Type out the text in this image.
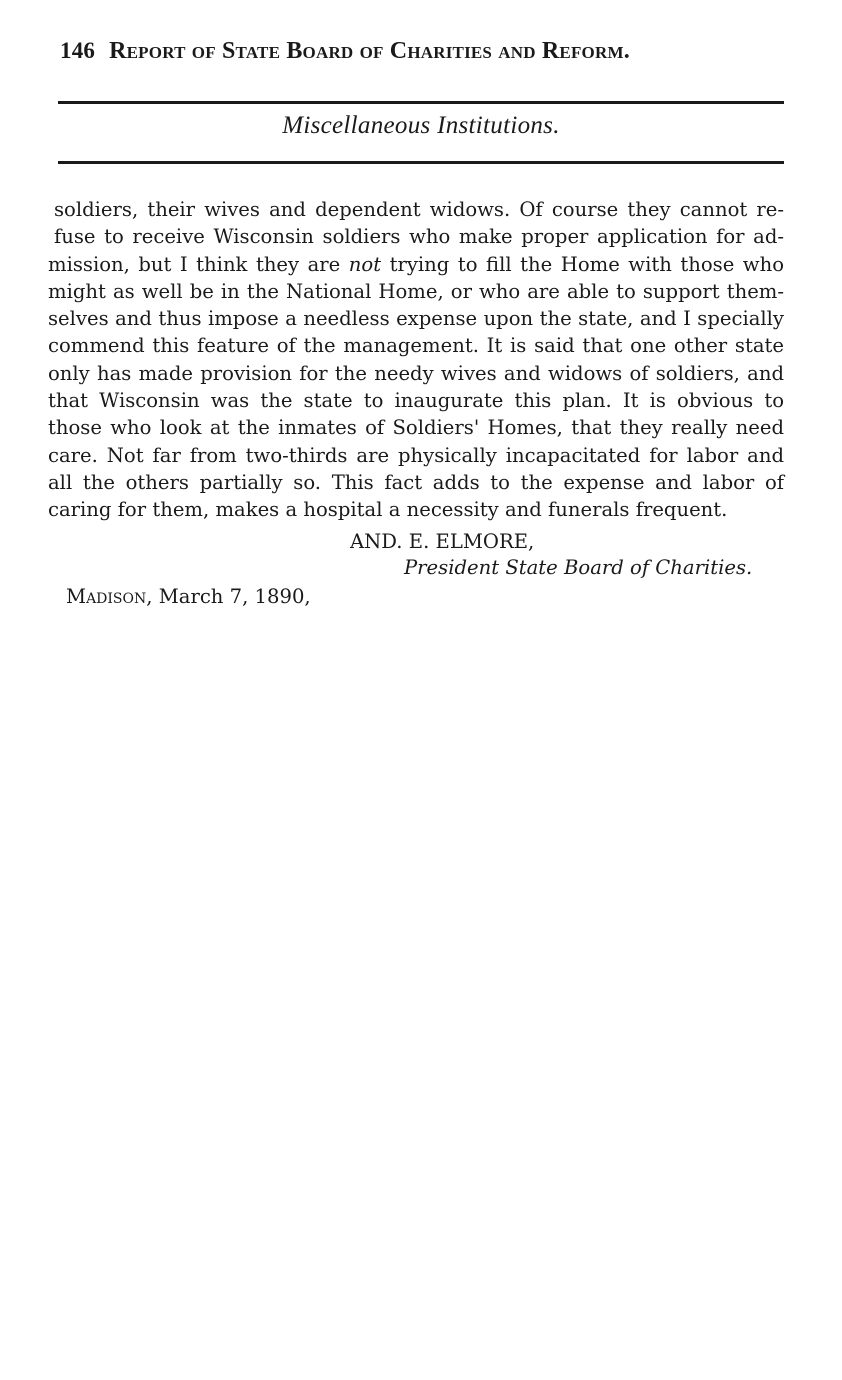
146 Report of State Board of Charities and Reform.
Miscellaneous Institutions.
soldiers, their wives and dependent widows. Of course they cannot re-
fuse to receive Wisconsin soldiers who make proper application for ad-
mission, but I think they are not trying to fill the Home with those who
might as well be in the National Home, or who are able to support them-
selves and thus impose a needless expense upon the state, and I specially
commend this feature of the management. It is said that one other state
only has made provision for the needy wives and widows of soldiers, and
that Wisconsin was the state to inaugurate this plan. It is obvious to
those who look at the inmates of Soldiers' Homes, that they really need
care. Not far from two-thirds are physically incapacitated for labor and
all the others partially so. This fact adds to the expense and labor of
caring for them, makes a hospital a necessity and funerals frequent.
AND. E. ELMORE,
President State Board of Charities.
Madison, March 7, 1890,
